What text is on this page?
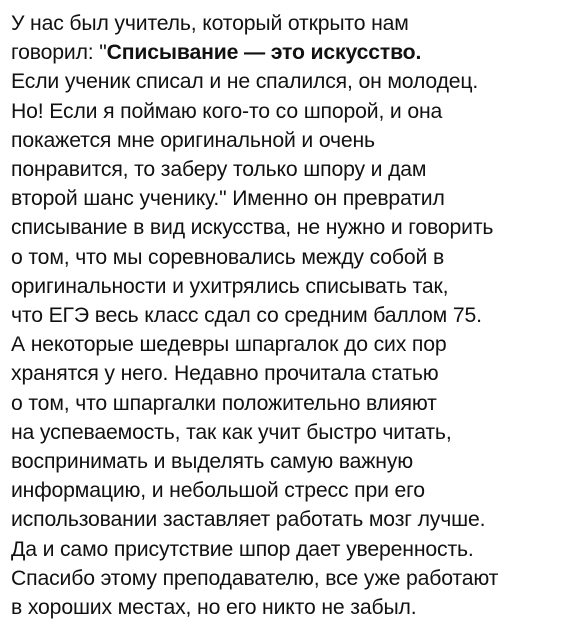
У нас был учитель, который открыто нам
говорил: "Списывание — это искусство.
Если ученик списал и не спалился, он молодец.
Но! Если я поймаю кого-то со шпорой, и она
покажется мне оригинальной и очень
понравится, то заберу только шпору и дам
второй шанс ученику." Именно он превратил
списывание в вид искусства, не нужно и говорить
о том, что мы соревновались между собой в
оригинальности и ухитрялись списывать так,
что ЕГЭ весь класс сдал со средним баллом 75.
А некоторые шедевры шпаргалок до сих пор
хранятся у него. Недавно прочитала статью
о том, что шпаргалки положительно влияют
на успеваемость, так как учит быстро читать,
воспринимать и выделять самую важную
информацию, и небольшой стресс при его
использовании заставляет работать мозг лучше.
Да и само присутствие шпор дает уверенность.
Спасибо этому преподавателю, все уже работают
в хороших местах, но его никто не забыл.
